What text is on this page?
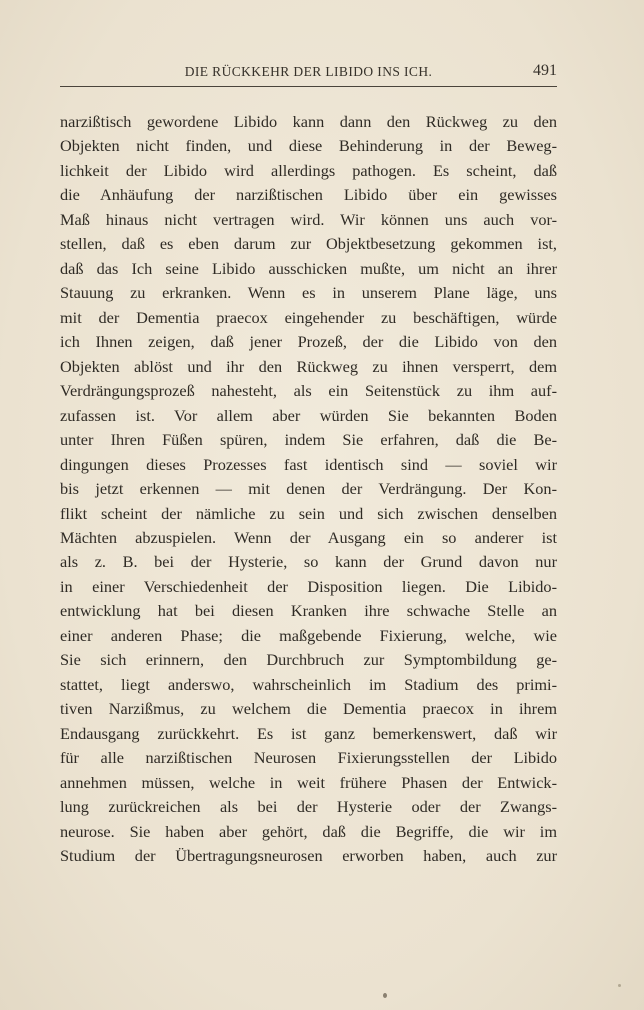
DIE RÜCKKEHR DER LIBIDO INS ICH.	491
narzißtisch gewordene Libido kann dann den Rückweg zu den
Objekten nicht finden, und diese Behinderung in der Beweg-
lichkeit der Libido wird allerdings pathogen. Es scheint, daß
die Anhäufung der narzißtischen Libido über ein gewisses
Maß hinaus nicht vertragen wird. Wir können uns auch vor-
stellen, daß es eben darum zur Objektbesetzung gekommen ist,
daß das Ich seine Libido ausschicken mußte, um nicht an ihrer
Stauung zu erkranken. Wenn es in unserem Plane läge, uns
mit der Dementia praecox eingehender zu beschäftigen, würde
ich Ihnen zeigen, daß jener Prozeß, der die Libido von den
Objekten ablöst und ihr den Rückweg zu ihnen versperrt, dem
Verdrängungsprozeß nahesteht, als ein Seitenstück zu ihm auf-
zufassen ist. Vor allem aber würden Sie bekannten Boden
unter Ihren Füßen spüren, indem Sie erfahren, daß die Be-
dingungen dieses Prozesses fast identisch sind — soviel wir
bis jetzt erkennen — mit denen der Verdrängung. Der Kon-
flikt scheint der nämliche zu sein und sich zwischen denselben
Mächten abzuspielen. Wenn der Ausgang ein so anderer ist
als z. B. bei der Hysterie, so kann der Grund davon nur
in einer Verschiedenheit der Disposition liegen. Die Libido-
entwicklung hat bei diesen Kranken ihre schwache Stelle an
einer anderen Phase; die maßgebende Fixierung, welche, wie
Sie sich erinnern, den Durchbruch zur Symptombildung ge-
stattet, liegt anderswo, wahrscheinlich im Stadium des primi-
tiven Narzißmus, zu welchem die Dementia praecox in ihrem
Endausgang zurückkehrt. Es ist ganz bemerkenswert, daß wir
für alle narzißtischen Neurosen Fixierungsstellen der Libido
annehmen müssen, welche in weit frühere Phasen der Entwick-
lung zurückreichen als bei der Hysterie oder der Zwangs-
neurose. Sie haben aber gehört, daß die Begriffe, die wir im
Studium der Übertragungsneurosen erworben haben, auch zur
